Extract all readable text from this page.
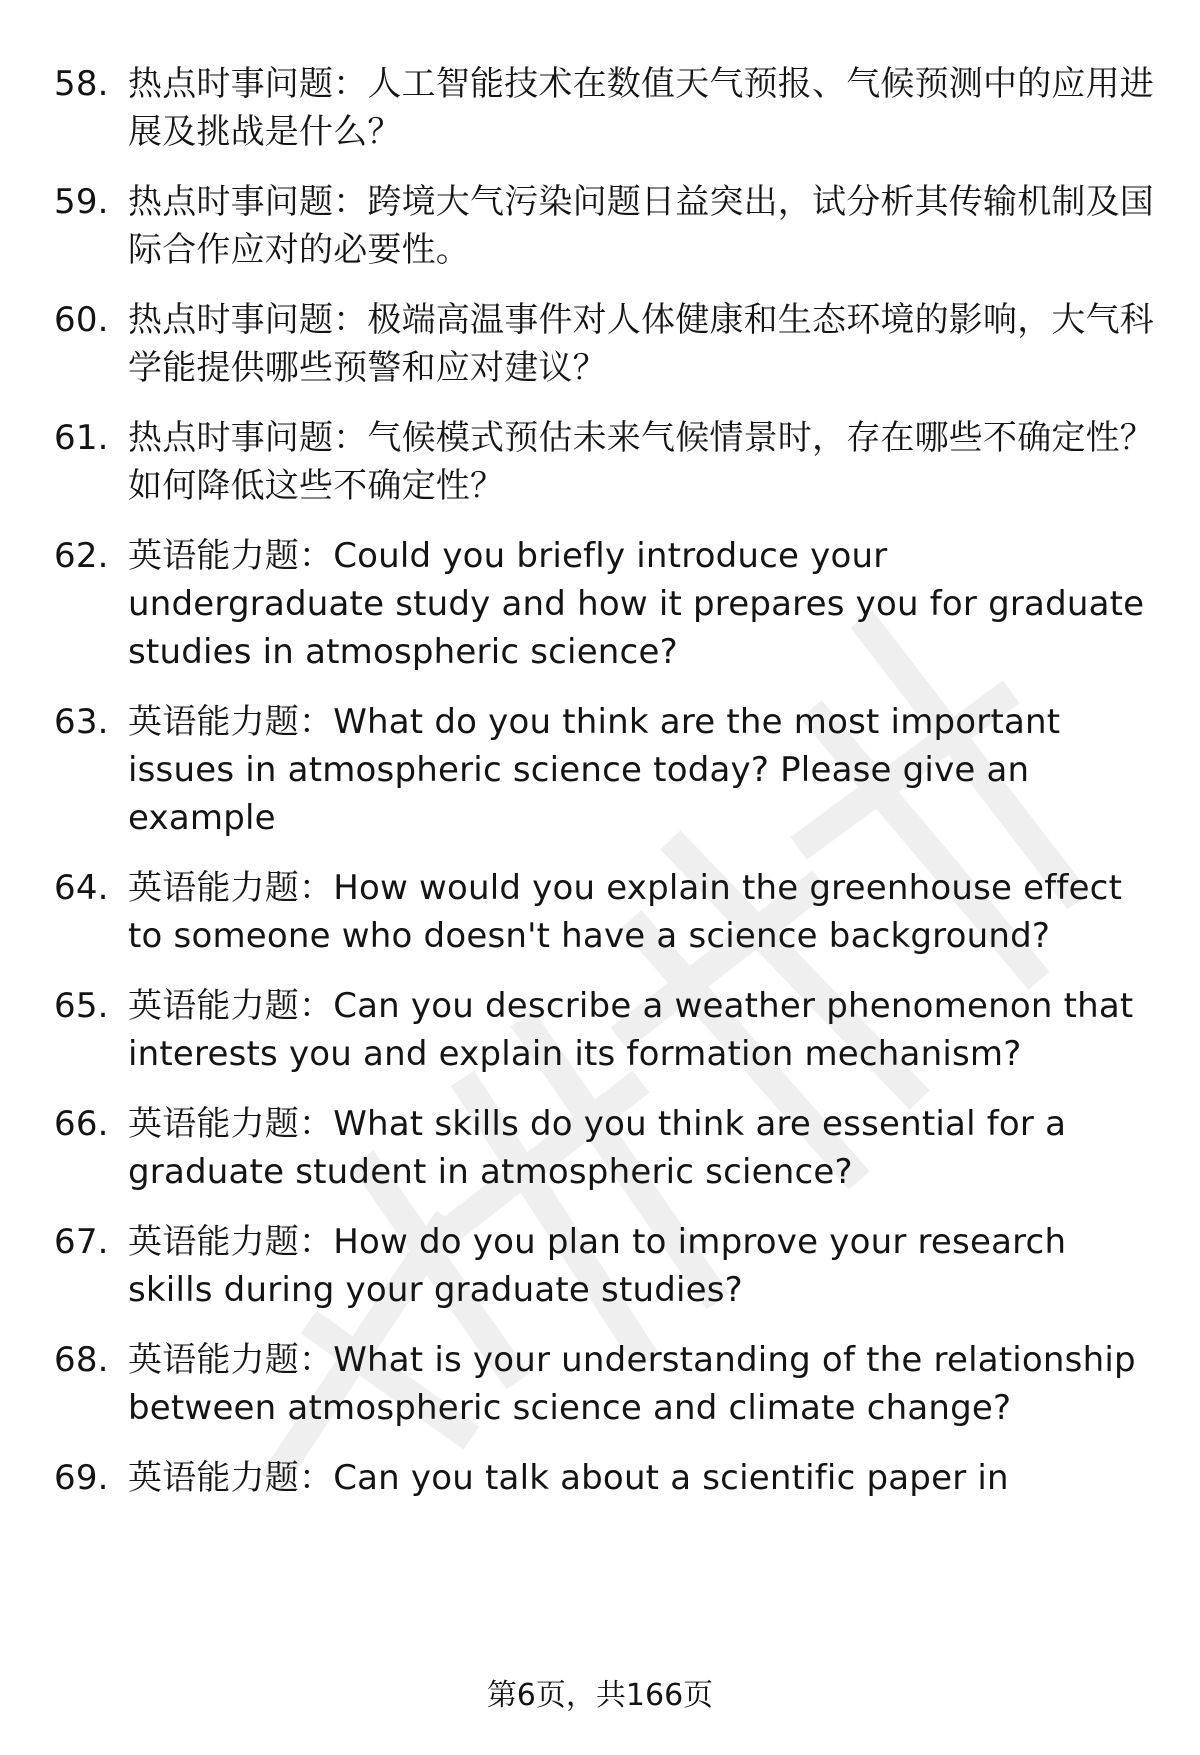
58. 热点时事问题：人工智能技术在数值天气预报、气候预测中的应用进展及挑战是什么？
59. 热点时事问题：跨境大气污染问题日益突出，试分析其传输机制及国际合作应对的必要性。
60. 热点时事问题：极端高温事件对人体健康和生态环境的影响，大气科学能提供哪些预警和应对建议？
61. 热点时事问题：气候模式预估未来气候情景时，存在哪些不确定性？如何降低这些不确定性？
62. 英语能力题：Could you briefly introduce your undergraduate study and how it prepares you for graduate studies in atmospheric science?
63. 英语能力题：What do you think are the most important issues in atmospheric science today? Please give an example
64. 英语能力题：How would you explain the greenhouse effect to someone who doesn't have a science background?
65. 英语能力题：Can you describe a weather phenomenon that interests you and explain its formation mechanism?
66. 英语能力题：What skills do you think are essential for a graduate student in atmospheric science?
67. 英语能力题：How do you plan to improve your research skills during your graduate studies?
68. 英语能力题：What is your understanding of the relationship between atmospheric science and climate change?
69. 英语能力题：Can you talk about a scientific paper in
第6页，共166页
